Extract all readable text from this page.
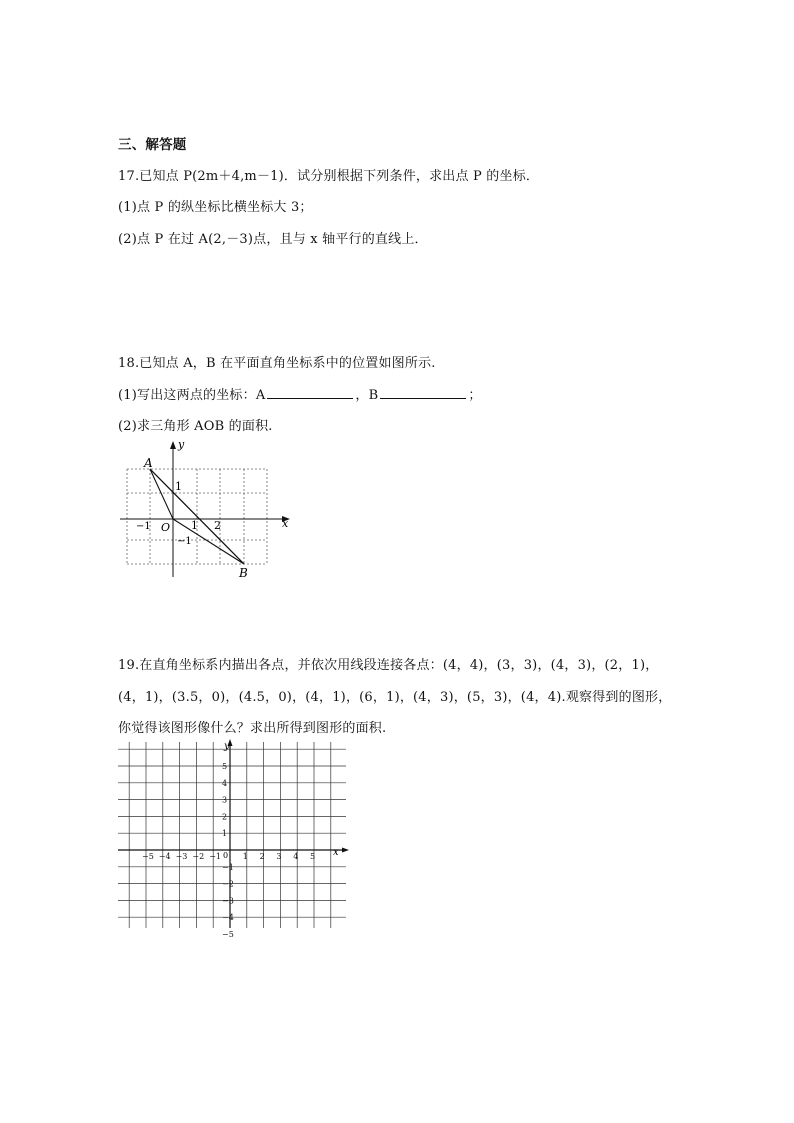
三、解答题
17.已知点 P(2m＋4,m－1)．试分别根据下列条件，求出点 P 的坐标．
(1)点 P 的纵坐标比横坐标大 3；
(2)点 P 在过 A(2,－3)点，且与 x 轴平行的直线上．
18.已知点 A，B 在平面直角坐标系中的位置如图所示.
(1)写出这两点的坐标：A	，B	；
(2)求三角形 AOB 的面积.
A
B
O	x
y
1
−1
1 2
−1
19.在直角坐标系内描出各点，并依次用线段连接各点：(4，4)，(3，3)，(4，3)，(2，1)，
(4，1)，(3.5，0)，(4.5，0)，(4，1)，(6，1)，(4，3)，(5，3)，(4，4).观察得到的图形，
你觉得该图形像什么？求出所得到图形的面积.
−5 −4 −3 −2 −1	1 2 3 4 5
5
4
3
2
1
−1
−2
−3
−4
−5
x
y
0
